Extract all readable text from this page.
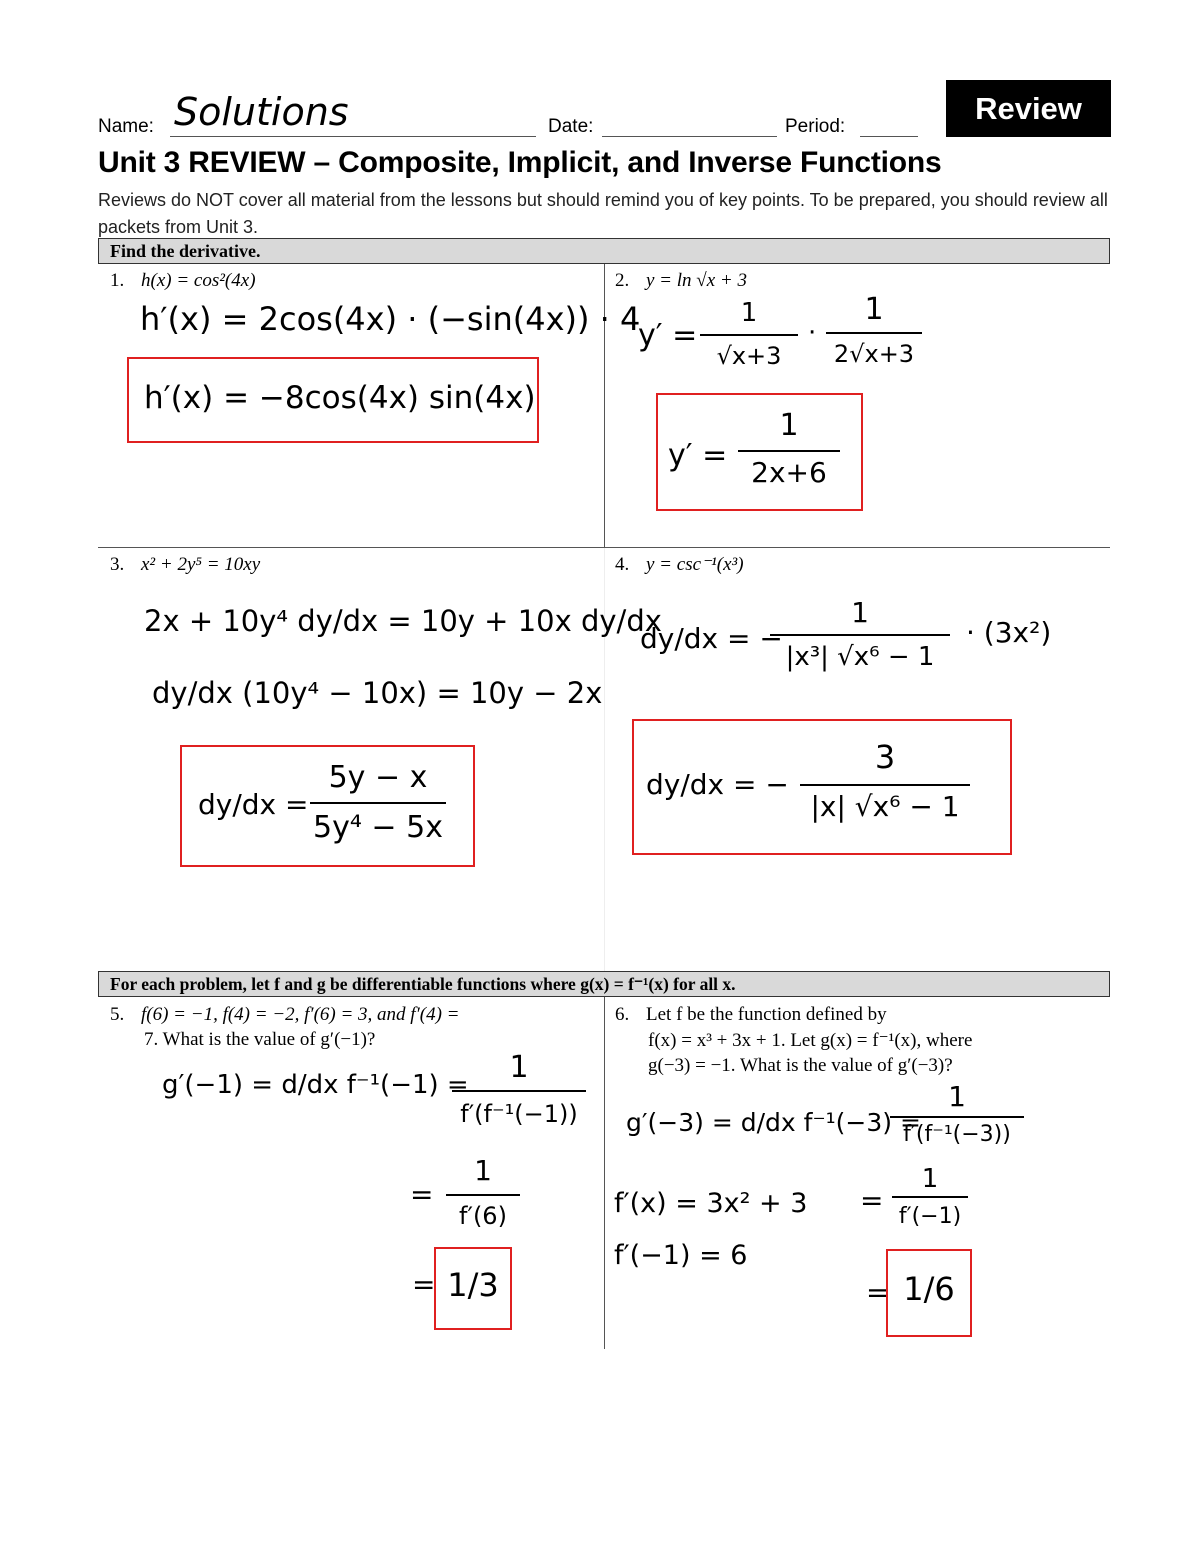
Name: Solutions	Date:	Period:
Review
Unit 3 REVIEW – Composite, Implicit, and Inverse Functions
Reviews do NOT cover all material from the lessons but should remind you of key points. To be prepared, you should review all packets from Unit 3.
Find the derivative.
1. h(x) = cos²(4x)
h′(x) = 2cos(4x) · (−sin(4x)) · 4
h′(x) = −8cos(4x) sin(4x)
2. y = ln √x + 3
y′ =
1
√x+3
·
1
2√x+3
y′ =
1
2x+6
3. x² + 2y⁵ = 10xy
2x + 10y⁴ dy/dx = 10y + 10x dy/dx
dy/dx (10y⁴ − 10x) = 10y − 2x
dy/dx =
5y − x
5y⁴ − 5x
4. y = csc⁻¹(x³)
dy/dx = −
1
|x³| √x⁶ − 1
· (3x²)
dy/dx = −
3
|x| √x⁶ − 1
For each problem, let f and g be differentiable functions where g(x) = f⁻¹(x) for all x.
5. f(6) = −1, f(4) = −2, f′(6) = 3, and f′(4) =
7. What is the value of g′(−1)?
g′(−1) = d/dx f⁻¹(−1) =	1
f′(f⁻¹(−1))
=
1
f′(6)
= 1/3
6. Let f be the function defined by
f(x) = x³ + 3x + 1. Let g(x) = f⁻¹(x), where
g(−3) = −1. What is the value of g′(−3)?
g′(−3) = d/dx f⁻¹(−3) =
1
f′(f⁻¹(−3))
f′(x) = 3x² + 3
f′(−1) = 6
=
1
f′(−1)
= 1/6
